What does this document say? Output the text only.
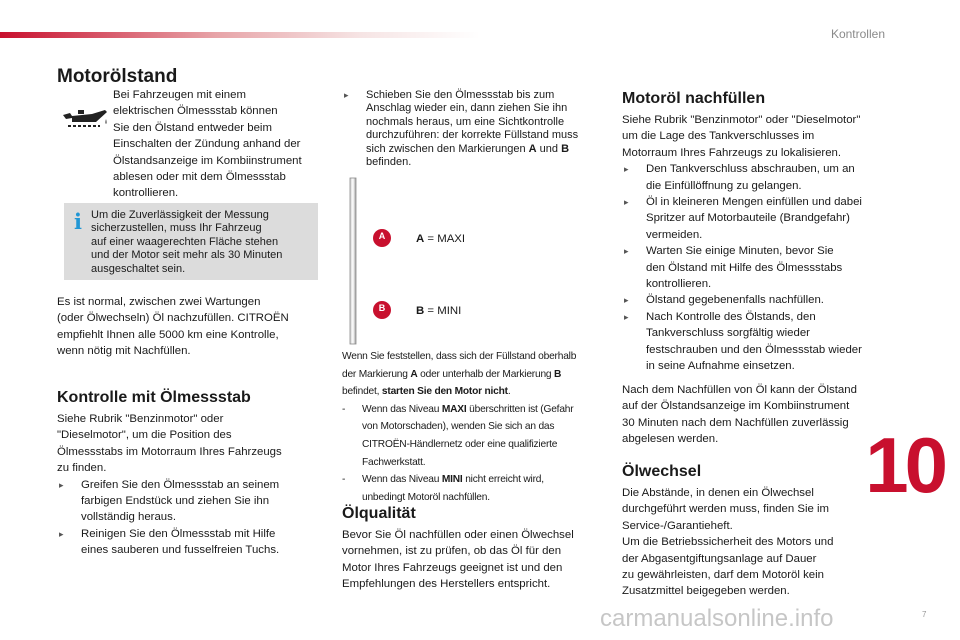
Kontrollen
10
Motorölstand

Bei Fahrzeugen mit einem

elektrischen Ölmessstab können

Sie den Ölstand entweder beim

Einschalten der Zündung anhand der

Ölstandsanzeige im Kombiinstrument

ablesen oder mit dem Ölmessstab

kontrollieren.

i Um die Zuverlässigkeit der Messung

sicherzustellen, muss Ihr Fahrzeug

auf einer waagerechten Fläche stehen

und der Motor seit mehr als 30 Minuten

ausgeschaltet sein.

Es ist normal, zwischen zwei Wartungen

(oder Ölwechseln) Öl nachzufüllen. CITROËN

empfiehlt Ihnen alle 5000 km eine Kontrolle,

wenn nötig mit Nachfüllen.

Kontrolle mit Ölmessstab

Siehe Rubrik "Benzinmotor" oder

"Dieselmotor", um die Position des

Ölmessstabs im Motorraum Ihres Fahrzeugs

zu finden.

▸ Greifen Sie den Ölmessstab an seinem
farbigen Endstück und ziehen Sie ihn
vollständig heraus.
▸ Reinigen Sie den Ölmessstab mit Hilfe
eines sauberen und fusselfreien Tuchs.
▸ Schieben Sie den Ölmessstab bis zum
Anschlag wieder ein, dann ziehen Sie ihn
nochmals heraus, um eine Sichtkontrolle
durchzuführen: der korrekte Füllstand muss
sich zwischen den Markierungen A und B
befinden.
A
B
A = MAXI
B = MINI

Wenn Sie feststellen, dass sich der Füllstand oberhalb

der Markierung A oder unterhalb der Markierung B

befindet, starten Sie den Motor nicht.

- Wenn das Niveau MAXI überschritten ist (Gefahr

von Motorschaden), wenden Sie sich an das

CITROËN-Händlernetz oder eine qualifizierte

Fachwerkstatt.

- Wenn das Niveau MINI nicht erreicht wird,

unbedingt Motoröl nachfüllen.

Ölqualität

Bevor Sie Öl nachfüllen oder einen Ölwechsel

vornehmen, ist zu prüfen, ob das Öl für den

Motor Ihres Fahrzeugs geeignet ist und den

Empfehlungen des Herstellers entspricht.

Motoröl nachfüllen

Siehe Rubrik "Benzinmotor" oder "Dieselmotor"

um die Lage des Tankverschlusses im

Motorraum Ihres Fahrzeugs zu lokalisieren.

▸ Den Tankverschluss abschrauben, um an
die Einfüllöffnung zu gelangen.
▸ Öl in kleineren Mengen einfüllen und dabei
Spritzer auf Motorbauteile (Brandgefahr)
vermeiden.
▸ Warten Sie einige Minuten, bevor Sie
den Ölstand mit Hilfe des Ölmessstabs
kontrollieren.
▸ Ölstand gegebenenfalls nachfüllen.
▸ Nach Kontrolle des Ölstands, den
Tankverschluss sorgfältig wieder
festschrauben und den Ölmessstab wieder
in seine Aufnahme einsetzen.

Nach dem Nachfüllen von Öl kann der Ölstand

auf der Ölstandsanzeige im Kombiinstrument

30 Minuten nach dem Nachfüllen zuverlässig

abgelesen werden.

Ölwechsel

Die Abstände, in denen ein Ölwechsel

durchgeführt werden muss, finden Sie im

Service-/Garantieheft.

Um die Betriebssicherheit des Motors und

der Abgasentgiftungsanlage auf Dauer

zu gewährleisten, darf dem Motoröl kein

Zusatzmittel beigegeben werden.

carmanualsonline.info	7
